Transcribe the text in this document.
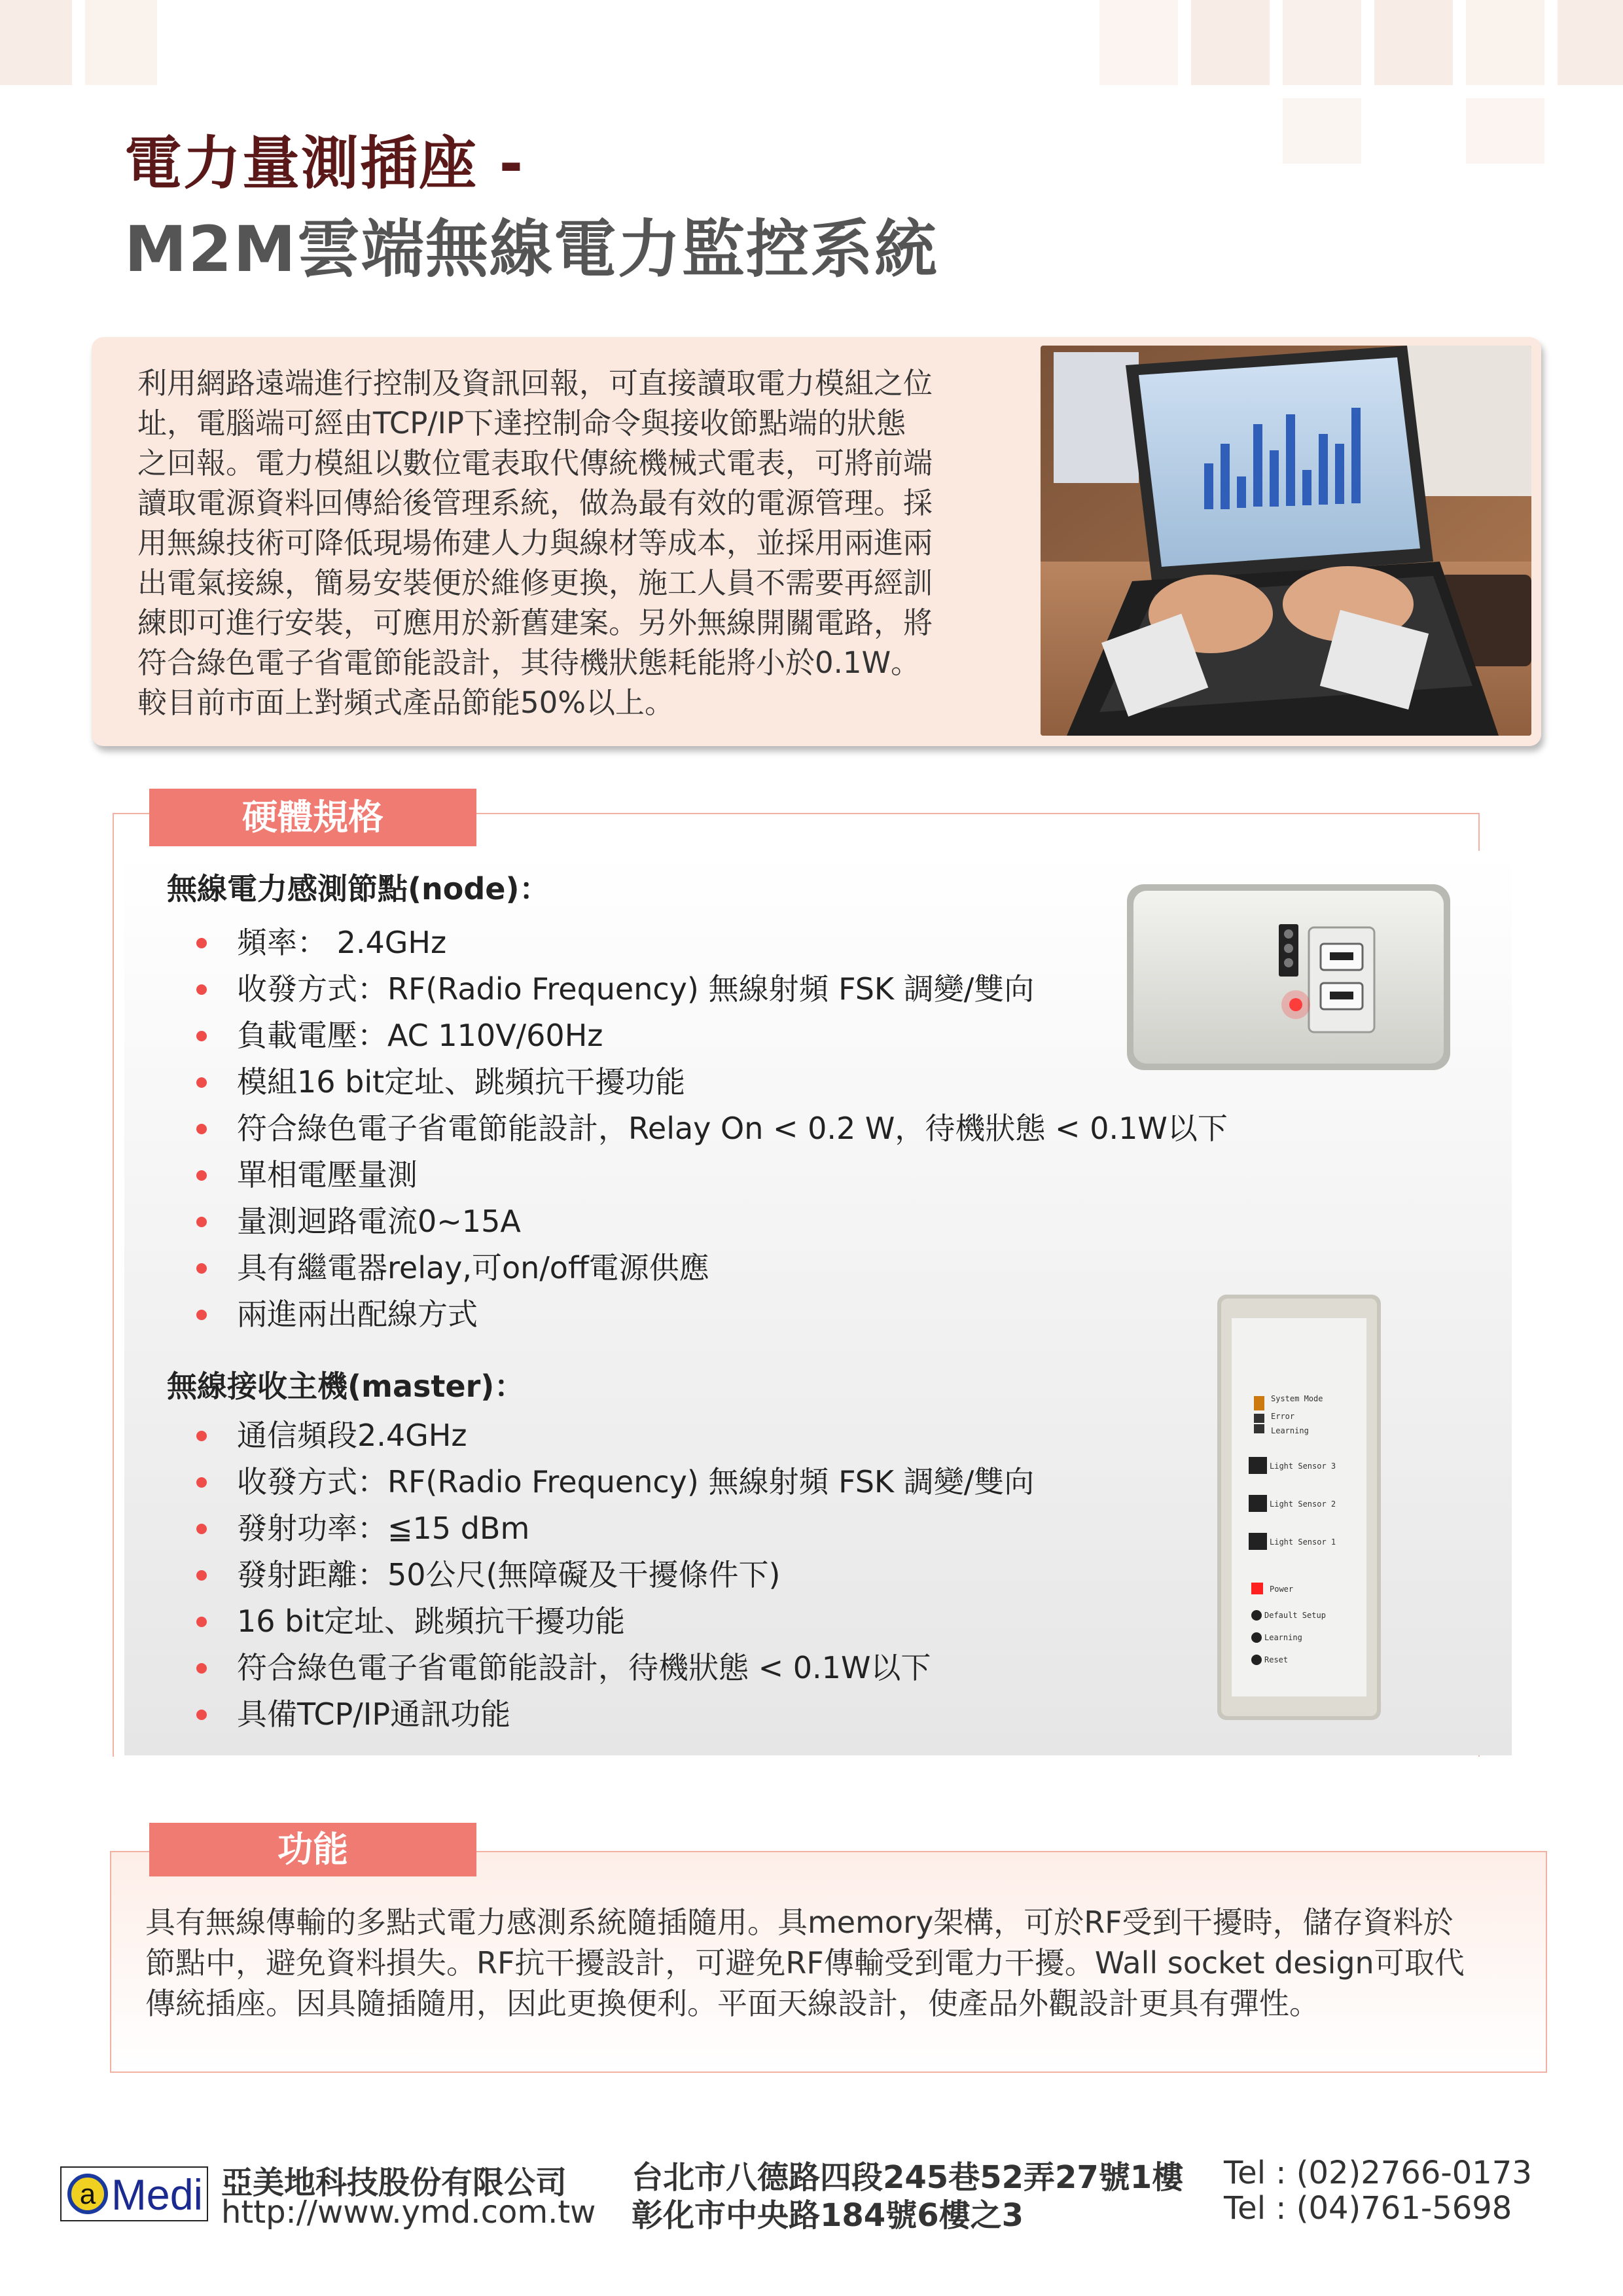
電力量測插座 -
M2M雲端無線電力監控系統
利用網路遠端進行控制及資訊回報，可直接讀取電力模組之位
址，電腦端可經由TCP/IP下達控制命令與接收節點端的狀態
之回報。電力模組以數位電表取代傳統機械式電表，可將前端
讀取電源資料回傳給後管理系統，做為最有效的電源管理。採
用無線技術可降低現場佈建人力與線材等成本，並採用兩進兩
出電氣接線，簡易安裝便於維修更換，施工人員不需要再經訓
練即可進行安裝，可應用於新舊建案。另外無線開關電路，將
符合綠色電子省電節能設計，其待機狀態耗能將小於0.1W。
較目前市面上對頻式產品節能50%以上。
硬體規格
無線電力感測節點(node)：
頻率： 2.4GHz
收發方式：RF(Radio Frequency) 無線射頻 FSK 調變/雙向
負載電壓：AC 110V/60Hz
模組16 bit定址、跳頻抗干擾功能
符合綠色電子省電節能設計，Relay On < 0.2 W，待機狀態 < 0.1W以下
單相電壓量測
量測迴路電流0~15A
具有繼電器relay,可on/off電源供應
兩進兩出配線方式
無線接收主機(master)：
通信頻段2.4GHz
收發方式：RF(Radio Frequency) 無線射頻 FSK 調變/雙向
發射功率：≦15 dBm
發射距離：50公尺(無障礙及干擾條件下)
16 bit定址、跳頻抗干擾功能
符合綠色電子省電節能設計，待機狀態 < 0.1W以下
具備TCP/IP通訊功能
System Mode
Error
Learning
Light Sensor 3
Light Sensor 2
Light Sensor 1
Power
Default Setup
Learning
Reset
功能
具有無線傳輸的多點式電力感測系統隨插隨用。具memory架構，可於RF受到干擾時，儲存資料於
節點中，避免資料損失。RF抗干擾設計，可避免RF傳輸受到電力干擾。Wall socket design可取代
傳統插座。因具隨插隨用，因此更換便利。平面天線設計，使產品外觀設計更具有彈性。
a Medi 亞美地科技股份有限公司
http://www.ymd.com.tw
台北市八德路四段245巷52弄27號1樓
彰化市中央路184號6樓之3
Tel : (02)2766-0173
Tel : (04)761-5698
